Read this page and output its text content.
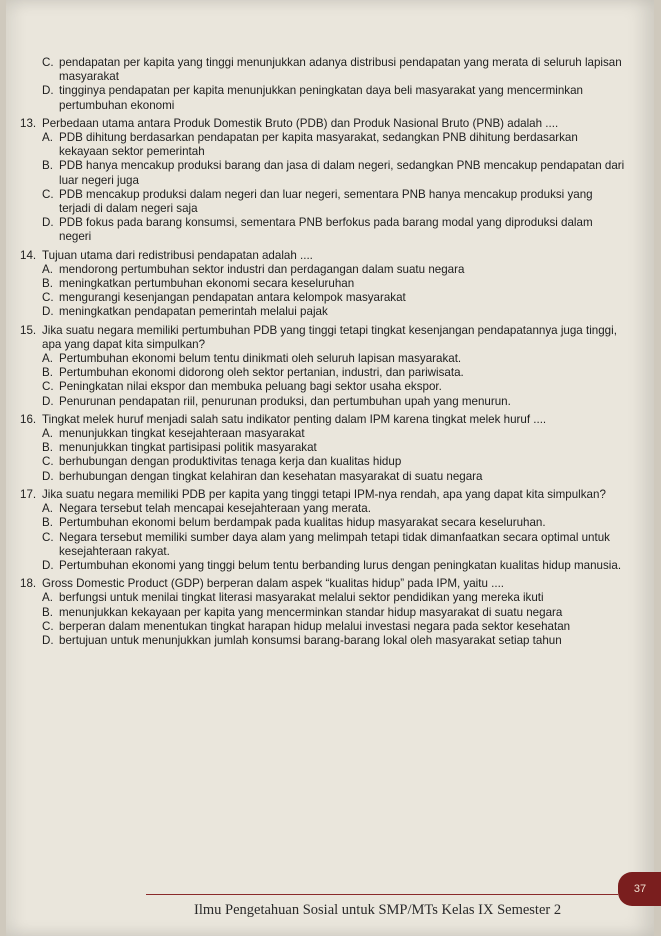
C. pendapatan per kapita yang tinggi menunjukkan adanya distribusi pendapatan yang merata di seluruh lapisan masyarakat
D. tingginya pendapatan per kapita menunjukkan peningkatan daya beli masyarakat yang mencerminkan pertumbuhan ekonomi
13. Perbedaan utama antara Produk Domestik Bruto (PDB) dan Produk Nasional Bruto (PNB) adalah ....
A. PDB dihitung berdasarkan pendapatan per kapita masyarakat, sedangkan PNB dihitung berdasarkan kekayaan sektor pemerintah
B. PDB hanya mencakup produksi barang dan jasa di dalam negeri, sedangkan PNB mencakup pendapatan dari luar negeri juga
C. PDB mencakup produksi dalam negeri dan luar negeri, sementara PNB hanya mencakup produksi yang terjadi di dalam negeri saja
D. PDB fokus pada barang konsumsi, sementara PNB berfokus pada barang modal yang diproduksi dalam negeri
14. Tujuan utama dari redistribusi pendapatan adalah ....
A. mendorong pertumbuhan sektor industri dan perdagangan dalam suatu negara
B. meningkatkan pertumbuhan ekonomi secara keseluruhan
C. mengurangi kesenjangan pendapatan antara kelompok masyarakat
D. meningkatkan pendapatan pemerintah melalui pajak
15. Jika suatu negara memiliki pertumbuhan PDB yang tinggi tetapi tingkat kesenjangan pendapatannya juga tinggi, apa yang dapat kita simpulkan?
A. Pertumbuhan ekonomi belum tentu dinikmati oleh seluruh lapisan masyarakat.
B. Pertumbuhan ekonomi didorong oleh sektor pertanian, industri, dan pariwisata.
C. Peningkatan nilai ekspor dan membuka peluang bagi sektor usaha ekspor.
D. Penurunan pendapatan riil, penurunan produksi, dan pertumbuhan upah yang menurun.
16. Tingkat melek huruf menjadi salah satu indikator penting dalam IPM karena tingkat melek huruf ....
A. menunjukkan tingkat kesejahteraan masyarakat
B. menunjukkan tingkat partisipasi politik masyarakat
C. berhubungan dengan produktivitas tenaga kerja dan kualitas hidup
D. berhubungan dengan tingkat kelahiran dan kesehatan masyarakat di suatu negara
17. Jika suatu negara memiliki PDB per kapita yang tinggi tetapi IPM-nya rendah, apa yang dapat kita simpulkan?
A. Negara tersebut telah mencapai kesejahteraan yang merata.
B. Pertumbuhan ekonomi belum berdampak pada kualitas hidup masyarakat secara keseluruhan.
C. Negara tersebut memiliki sumber daya alam yang melimpah tetapi tidak dimanfaatkan secara optimal untuk kesejahteraan rakyat.
D. Pertumbuhan ekonomi yang tinggi belum tentu berbanding lurus dengan peningkatan kualitas hidup manusia.
18. Gross Domestic Product (GDP) berperan dalam aspek “kualitas hidup” pada IPM, yaitu ....
A. berfungsi untuk menilai tingkat literasi masyarakat melalui sektor pendidikan yang mereka ikuti
B. menunjukkan kekayaan per kapita yang mencerminkan standar hidup masyarakat di suatu negara
C. berperan dalam menentukan tingkat harapan hidup melalui investasi negara pada sektor kesehatan
D. bertujuan untuk menunjukkan jumlah konsumsi barang-barang lokal oleh masyarakat setiap tahun
Ilmu Pengetahuan Sosial untuk SMP/MTs Kelas IX Semester 2
37
